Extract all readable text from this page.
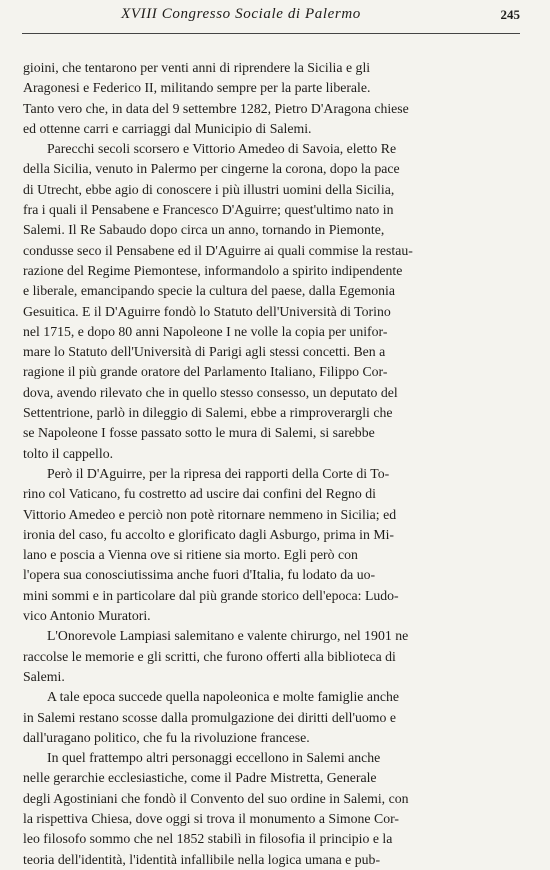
XVIII Congresso Sociale di Palermo	245
gioini, che tentarono per venti anni di riprendere la Sicilia e gli
Aragonesi e Federico II, militando sempre per la parte liberale.
Tanto vero che, in data del 9 settembre 1282, Pietro D'Aragona chiese
ed ottenne carri e carriaggi dal Municipio di Salemi.
Parecchi secoli scorsero e Vittorio Amedeo di Savoia, eletto Re
della Sicilia, venuto in Palermo per cingerne la corona, dopo la pace
di Utrecht, ebbe agio di conoscere i più illustri uomini della Sicilia,
fra i quali il Pensabene e Francesco D'Aguirre; quest'ultimo nato in
Salemi. Il Re Sabaudo dopo circa un anno, tornando in Piemonte,
condusse seco il Pensabene ed il D'Aguirre ai quali commise la restau-
razione del Regime Piemontese, informandolo a spirito indipendente
e liberale, emancipando specie la cultura del paese, dalla Egemonia
Gesuitica. E il D'Aguirre fondò lo Statuto dell'Università di Torino
nel 1715, e dopo 80 anni Napoleone I ne volle la copia per unifor-
mare lo Statuto dell'Università di Parigi agli stessi concetti. Ben a
ragione il più grande oratore del Parlamento Italiano, Filippo Cor-
dova, avendo rilevato che in quello stesso consesso, un deputato del
Settentrione, parlò in dileggio di Salemi, ebbe a rimproverargli che
se Napoleone I fosse passato sotto le mura di Salemi, si sarebbe
tolto il cappello.
Però il D'Aguirre, per la ripresa dei rapporti della Corte di To-
rino col Vaticano, fu costretto ad uscire dai confini del Regno di
Vittorio Amedeo e perciò non potè ritornare nemmeno in Sicilia; ed
ironia del caso, fu accolto e glorificato dagli Asburgo, prima in Mi-
lano e poscia a Vienna ove si ritiene sia morto. Egli però con
l'opera sua conosciutissima anche fuori d'Italia, fu lodato da uo-
mini sommi e in particolare dal più grande storico dell'epoca: Ludo-
vico Antonio Muratori.
L'Onorevole Lampiasi salemitano e valente chirurgo, nel 1901 ne
raccolse le memorie e gli scritti, che furono offerti alla biblioteca di
Salemi.
A tale epoca succede quella napoleonica e molte famiglie anche
in Salemi restano scosse dalla promulgazione dei diritti dell'uomo e
dall'uragano politico, che fu la rivoluzione francese.
In quel frattempo altri personaggi eccellono in Salemi anche
nelle gerarchie ecclesiastiche, come il Padre Mistretta, Generale
degli Agostiniani che fondò il Convento del suo ordine in Salemi, con
la rispettiva Chiesa, dove oggi si trova il monumento a Simone Cor-
leo filosofo sommo che nel 1852 stabilì in filosofia il principio e la
teoria dell'identità, l'identità infallibile nella logica umana e pub-
